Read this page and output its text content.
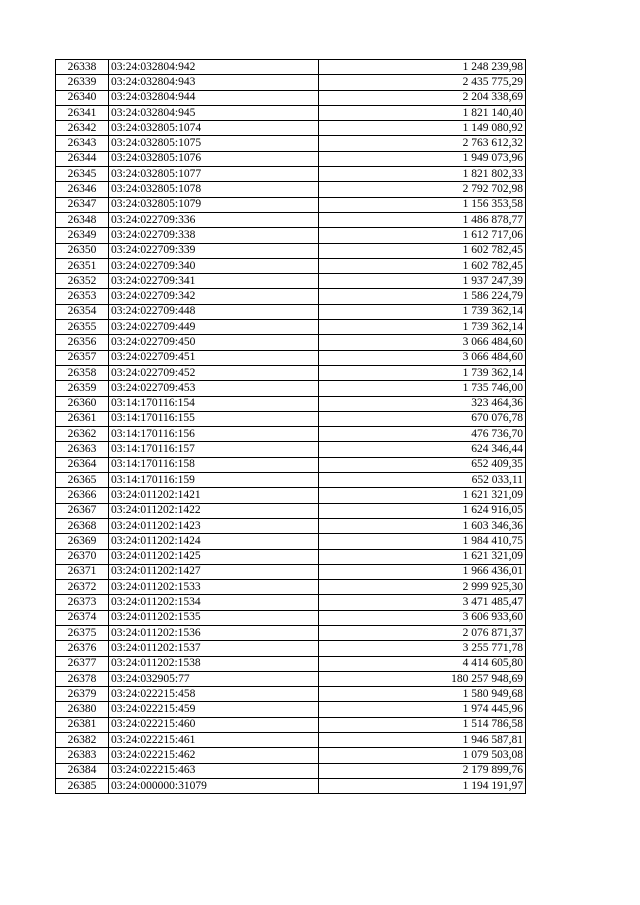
26338	03:24:032804:942	1 248 239,98
26339	03:24:032804:943	2 435 775,29
26340	03:24:032804:944	2 204 338,69
26341	03:24:032804:945	1 821 140,40
26342	03:24:032805:1074	1 149 080,92
26343	03:24:032805:1075	2 763 612,32
26344	03:24:032805:1076	1 949 073,96
26345	03:24:032805:1077	1 821 802,33
26346	03:24:032805:1078	2 792 702,98
26347	03:24:032805:1079	1 156 353,58
26348	03:24:022709:336	1 486 878,77
26349	03:24:022709:338	1 612 717,06
26350	03:24:022709:339	1 602 782,45
26351	03:24:022709:340	1 602 782,45
26352	03:24:022709:341	1 937 247,39
26353	03:24:022709:342	1 586 224,79
26354	03:24:022709:448	1 739 362,14
26355	03:24:022709:449	1 739 362,14
26356	03:24:022709:450	3 066 484,60
26357	03:24:022709:451	3 066 484,60
26358	03:24:022709:452	1 739 362,14
26359	03:24:022709:453	1 735 746,00
26360	03:14:170116:154	323 464,36
26361	03:14:170116:155	670 076,78
26362	03:14:170116:156	476 736,70
26363	03:14:170116:157	624 346,44
26364	03:14:170116:158	652 409,35
26365	03:14:170116:159	652 033,11
26366	03:24:011202:1421	1 621 321,09
26367	03:24:011202:1422	1 624 916,05
26368	03:24:011202:1423	1 603 346,36
26369	03:24:011202:1424	1 984 410,75
26370	03:24:011202:1425	1 621 321,09
26371	03:24:011202:1427	1 966 436,01
26372	03:24:011202:1533	2 999 925,30
26373	03:24:011202:1534	3 471 485,47
26374	03:24:011202:1535	3 606 933,60
26375	03:24:011202:1536	2 076 871,37
26376	03:24:011202:1537	3 255 771,78
26377	03:24:011202:1538	4 414 605,80
26378	03:24:032905:77	180 257 948,69
26379	03:24:022215:458	1 580 949,68
26380	03:24:022215:459	1 974 445,96
26381	03:24:022215:460	1 514 786,58
26382	03:24:022215:461	1 946 587,81
26383	03:24:022215:462	1 079 503,08
26384	03:24:022215:463	2 179 899,76
26385	03:24:000000:31079	1 194 191,97
